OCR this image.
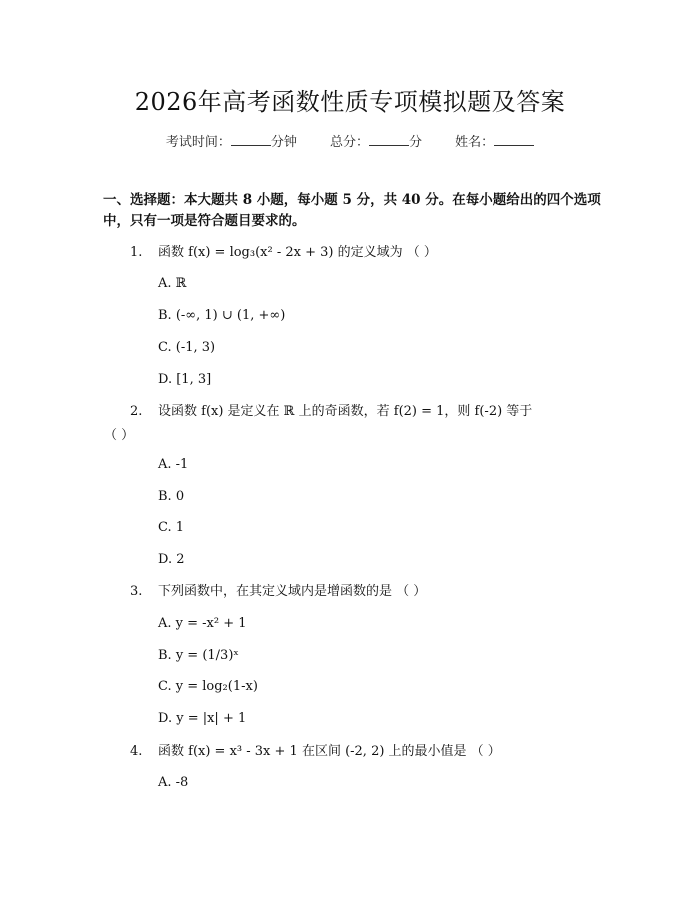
2026年高考函数性质专项模拟题及答案
考试时间：	分钟	总分：	分	姓名：
一、选择题：本大题共 8 小题，每小题 5 分，共 40 分。在每小题给出的四个选项
中，只有一项是符合题目要求的。
1. 函数 f(x) = log₃(x² - 2x + 3) 的定义域为 （ ）
A. ℝ
B. (-∞, 1) ∪ (1, +∞)
C. (-1, 3)
D. [1, 3]
2. 设函数 f(x) 是定义在 ℝ 上的奇函数，若 f(2) = 1，则 f(-2) 等于
（ ）
A. -1
B. 0
C. 1
D. 2
3. 下列函数中，在其定义域内是增函数的是 （ ）
A. y = -x² + 1
B. y = (1/3)ˣ
C. y = log₂(1-x)
D. y = |x| + 1
4. 函数 f(x) = x³ - 3x + 1 在区间 (-2, 2) 上的最小值是 （ ）
A. -8
